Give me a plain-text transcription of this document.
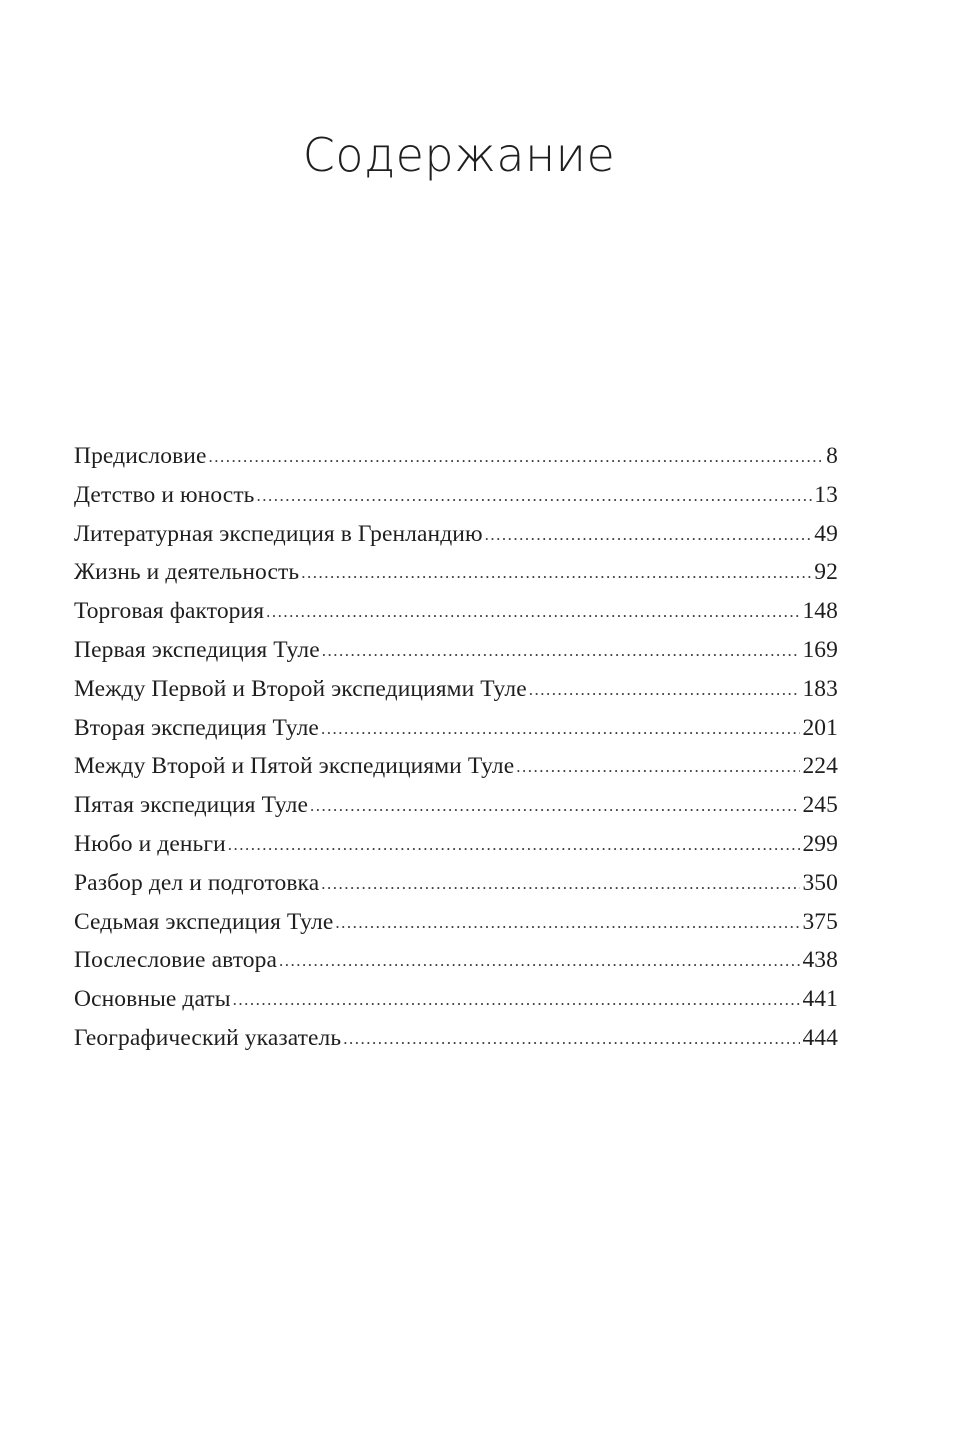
Содержание
Предисловие .....	8
Детство и юность .....	13
Литературная экспедиция в Гренландию .....	49
Жизнь и деятельность .....	92
Торговая фактория .....	148
Первая экспедиция Туле .....	169
Между Первой и Второй экспедициями Туле .....	183
Вторая экспедиция Туле .....	201
Между Второй и Пятой экспедициями Туле .....	224
Пятая экспедиция Туле .....	245
Нюбо и деньги .....	299
Разбор дел и подготовка .....	350
Седьмая экспедиция Туле .....	375
Послесловие автора .....	438
Основные даты .....	441
Географический указатель .....	444
